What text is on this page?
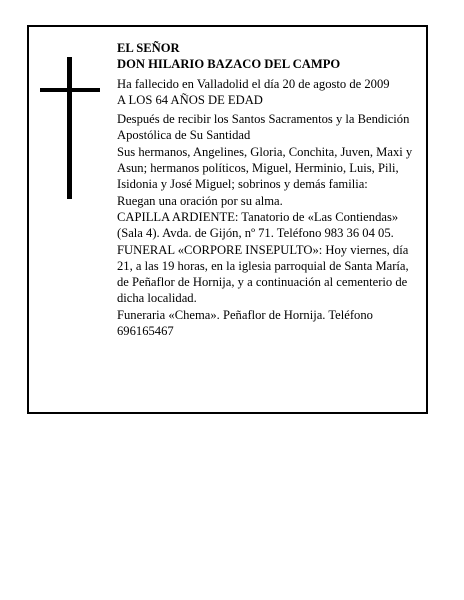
EL SEÑOR

DON HILARIO BAZACO DEL CAMPO

Ha fallecido en Valladolid el día 20 de agosto de 2009

A LOS 64 AÑOS DE EDAD

Después de recibir los Santos Sacramentos y la Bendición Apostólica de Su Santidad

Sus hermanos, Angelines, Gloria, Conchita, Juven, Maxi y Asun; hermanos políticos, Miguel, Herminio, Luis, Pili, Isidonia y José Miguel; sobrinos y demás familia:

Ruegan una oración por su alma.

CAPILLA ARDIENTE: Tanatorio de «Las Contiendas» (Sala 4). Avda. de Gijón, nº 71. Teléfono 983 36 04 05.

FUNERAL «CORPORE INSEPULTO»: Hoy viernes, día 21, a las 19 horas, en la iglesia parroquial de Santa María, de Peñaflor de Hornija, y a continuación al cementerio de dicha localidad.

Funeraria «Chema». Peñaflor de Hornija. Teléfono 696165467
